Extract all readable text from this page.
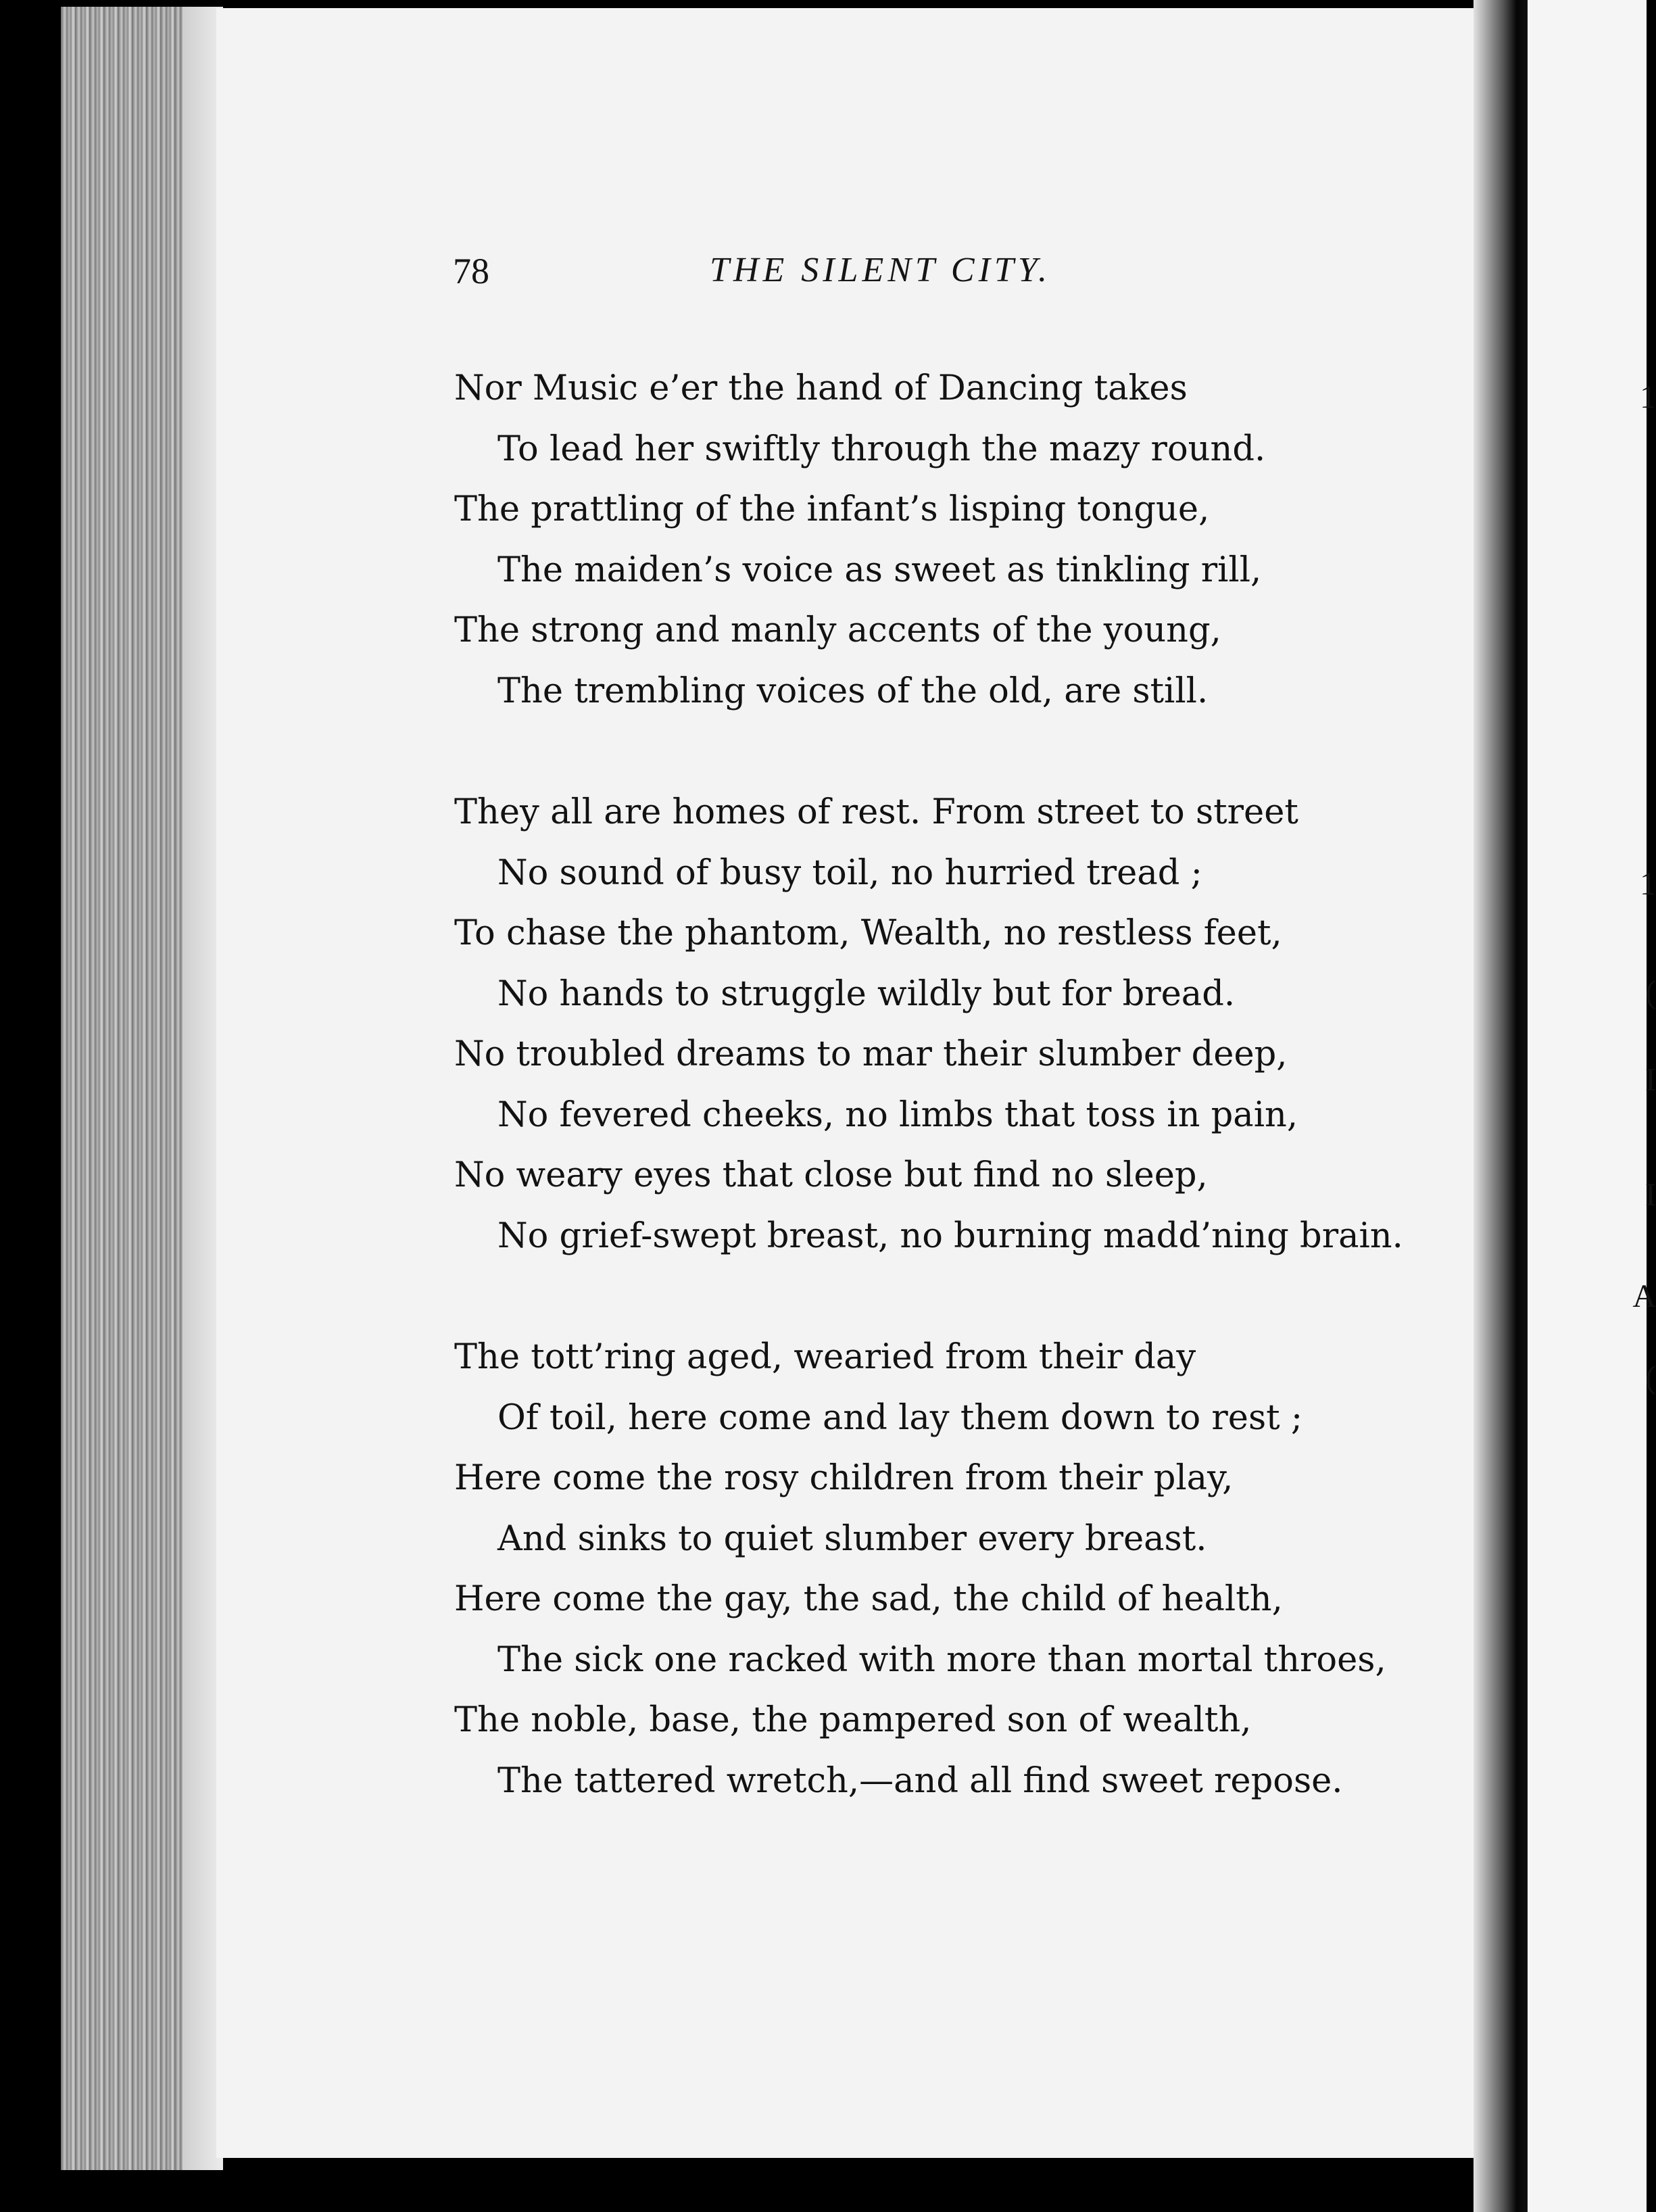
1
1
(
I
I
A
(
78	THE SILENT CITY.
Nor Music e’er the hand of Dancing takes
To lead her swiftly through the mazy round.
The prattling of the infant’s lisping tongue,
The maiden’s voice as sweet as tinkling rill,
The strong and manly accents of the young,
The trembling voices of the old, are still.
They all are homes of rest. From street to street
No sound of busy toil, no hurried tread ;
To chase the phantom, Wealth, no restless feet,
No hands to struggle wildly but for bread.
No troubled dreams to mar their slumber deep,
No fevered cheeks, no limbs that toss in pain,
No weary eyes that close but find no sleep,
No grief-swept breast, no burning madd’ning brain.
The tott’ring aged, wearied from their day
Of toil, here come and lay them down to rest ;
Here come the rosy children from their play,
And sinks to quiet slumber every breast.
Here come the gay, the sad, the child of health,
The sick one racked with more than mortal throes,
The noble, base, the pampered son of wealth,
The tattered wretch,—and all find sweet repose.
